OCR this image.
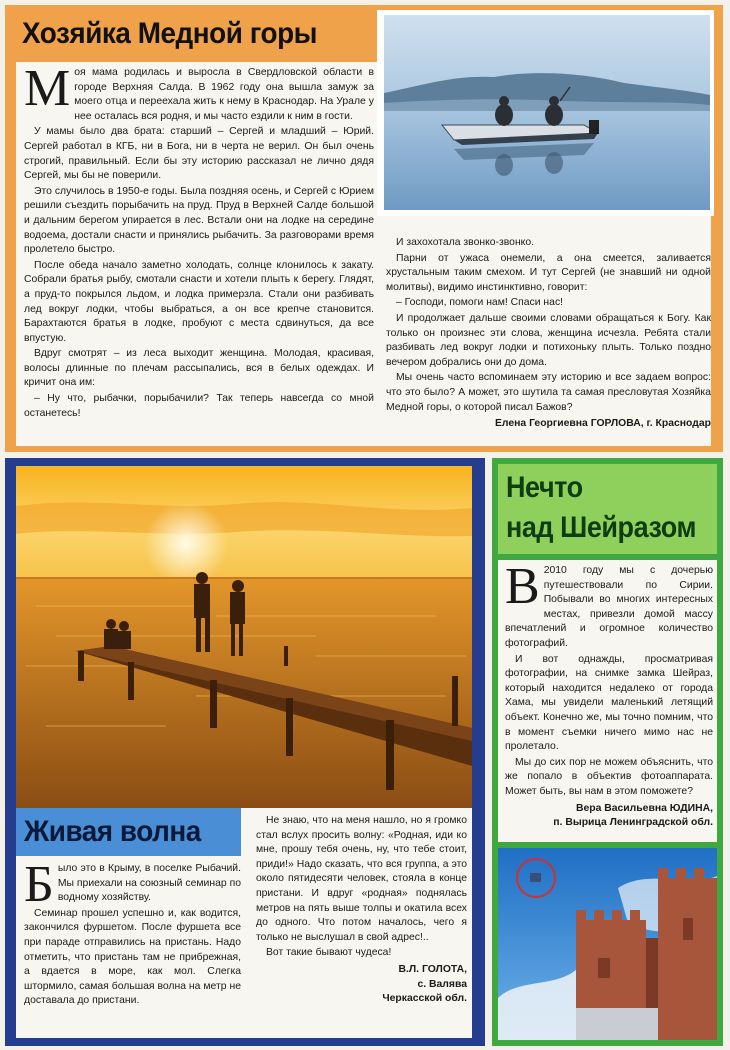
Хозяйка Медной горы

Моя мама родилась и выросла в Свердловской области в городе Верхняя Салда. В 1962 году она вышла замуж за моего отца и переехала жить к нему в Краснодар. На Урале у нее осталась вся родня, и мы часто ездили к ним в гости.

У мамы было два брата: старший – Сергей и младший – Юрий. Сергей работал в КГБ, ни в Бога, ни в черта не верил. Он был очень строгий, правильный. Если бы эту историю рассказал не лично дядя Сергей, мы бы не поверили.

Это случилось в 1950-е годы. Была поздняя осень, и Сергей с Юрием решили съездить порыбачить на пруд. Пруд в Верхней Салде большой и дальним берегом упирается в лес. Встали они на лодке на середине водоема, достали снасти и принялись рыбачить. За разговорами время пролетело быстро.

После обеда начало заметно холодать, солнце клонилось к закату. Собрали братья рыбу, смотали снасти и хотели плыть к берегу. Глядят, а пруд-то покрылся льдом, и лодка примерзла. Стали они разбивать лед вокруг лодки, чтобы выбраться, а он все крепче становится. Барахтаются братья в лодке, пробуют с места сдвинуться, да все впустую.

Вдруг смотрят – из леса выходит женщина. Молодая, красивая, волосы длинные по плечам рассыпались, вся в белых одеждах. И кричит она им:

– Ну что, рыбачки, порыбачили? Так теперь навсегда со мной останетесь!

И захохотала звонко-звонко.

Парни от ужаса онемели, а она смеется, заливается хрустальным таким смехом. И тут Сергей (не знавший ни одной молитвы), видимо инстинктивно, говорит:

– Господи, помоги нам! Спаси нас!

И продолжает дальше своими словами обращаться к Богу. Как только он произнес эти слова, женщина исчезла. Ребята стали разбивать лед вокруг лодки и потихоньку плыть. Только поздно вечером добрались они до дома.

Мы очень часто вспоминаем эту историю и все задаем вопрос: что это было? А может, это шутила та самая пресловутая Хозяйка Медной горы, о которой писал Бажов?

Елена Георгиевна ГОРЛОВА, г. Краснодар
Живая волна

Было это в Крыму, в поселке Рыбачий. Мы приехали на союзный семинар по водному хозяйству.

Семинар прошел успешно и, как водится, закончился фуршетом. После фуршета все при параде отправились на пристань. Надо отметить, что пристань там не прибрежная, а вдается в море, как мол. Слегка штормило, самая большая волна на метр не доставала до пристани.

Не знаю, что на меня нашло, но я громко стал вслух просить волну: «Родная, иди ко мне, прошу тебя очень, ну, что тебе стоит, приди!» Надо сказать, что вся группа, а это около пятидесяти человек, стояла в конце пристани. И вдруг «родная» поднялась метров на пять выше толпы и окатила всех до одного. Что потом началось, чего я только не выслушал в свой адрес!..

Вот такие бывают чудеса!

В.Л. ГОЛОТА,
с. Валява
Черкасской обл.
Нечто
над Шейразом

В 2010 году мы с дочерью путешествовали по Сирии. Побывали во многих интересных местах, привезли домой массу впечатлений и огромное количество фотографий.

И вот однажды, просматривая фотографии, на снимке замка Шейраз, который находится недалеко от города Хама, мы увидели маленький летящий объект. Конечно же, мы точно помним, что в момент съемки ничего мимо нас не пролетало.

Мы до сих пор не можем объяснить, что же попало в объектив фотоаппарата. Может быть, вы нам в этом поможете?

Вера Васильевна ЮДИНА,
п. Вырица Ленинградской обл.
